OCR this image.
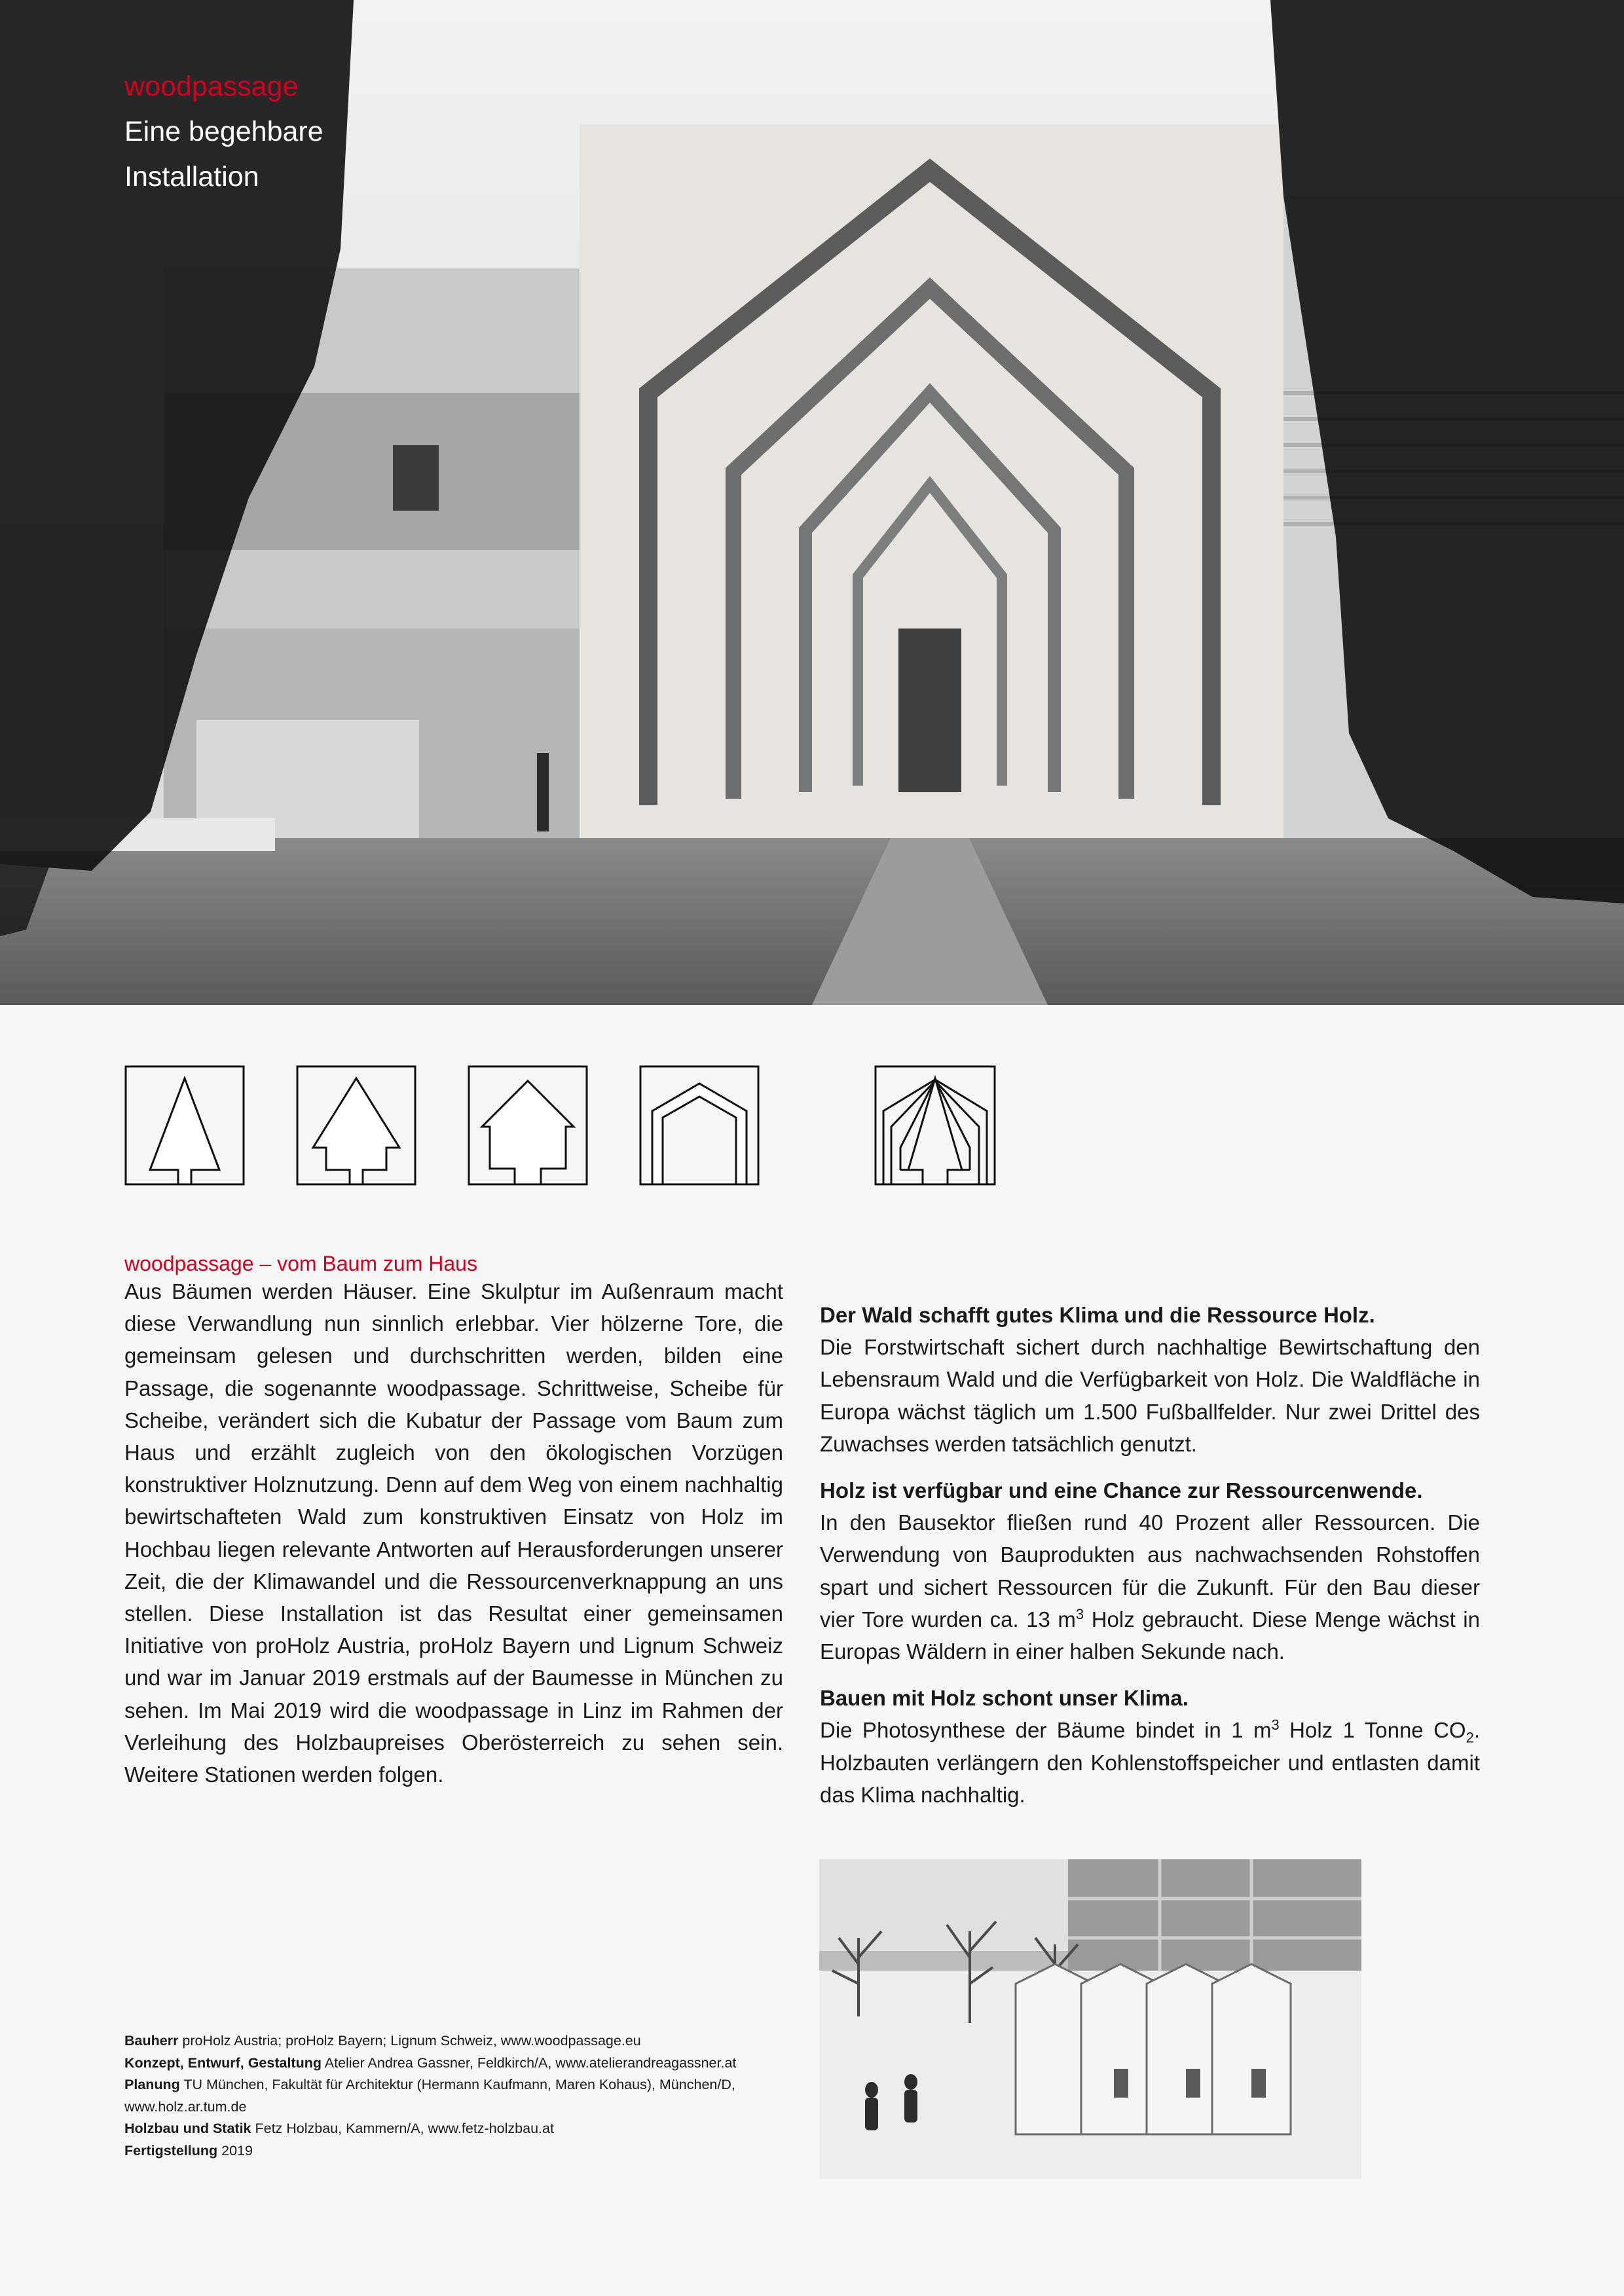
woodpassage
Eine begehbare
Installation
woodpassage – vom Baum zum Haus
Aus Bäumen werden Häuser. Eine Skulptur im Außenraum macht diese Verwandlung nun sinnlich erlebbar. Vier hölzerne Tore, die gemeinsam gelesen und durchschritten werden, bilden eine Passage, die sogenannte woodpassage. Schrittweise, Scheibe für Scheibe, verändert sich die Kubatur der Passage vom Baum zum Haus und erzählt zugleich von den ökologischen Vorzügen konstruktiver Holznutzung. Denn auf dem Weg von einem nachhaltig bewirtschafteten Wald zum konstruktiven Einsatz von Holz im Hochbau liegen relevante Antworten auf Herausforderungen unserer Zeit, die der Klimawandel und die Ressourcenverknappung an uns stellen. Diese Installation ist das Resultat einer gemeinsamen Initiative von proHolz Austria, proHolz Bayern und Lignum Schweiz und war im Januar 2019 erstmals auf der Baumesse in München zu sehen. Im Mai 2019 wird die woodpassage in Linz im Rahmen der Verleihung des Holzbaupreises Oberösterreich zu sehen sein. Weitere Stationen werden folgen.
Der Wald schafft gutes Klima und die Ressource Holz.

Die Forstwirtschaft sichert durch nachhaltige Bewirtschaftung den Lebensraum Wald und die Verfügbarkeit von Holz. Die Waldfläche in Europa wächst täglich um 1.500 Fußballfelder. Nur zwei Drittel des Zuwachses werden tatsächlich genutzt.

Holz ist verfügbar und eine Chance zur Ressourcenwende.

In den Bausektor fließen rund 40 Prozent aller Ressourcen. Die Verwendung von Bauprodukten aus nachwachsenden Rohstoffen spart und sichert Ressourcen für die Zukunft. Für den Bau dieser vier Tore wurden ca. 13 $m^3$ Holz gebraucht. Diese Menge wächst in Europas Wäldern in einer halben Sekunde nach.

Bauen mit Holz schont unser Klima.

Die Photosynthese der Bäume bindet in 1 $m^3$ Holz 1 Tonne $CO_2$. Holzbauten verlängern den Kohlenstoffspeicher und entlasten damit das Klima nachhaltig.

Bauherr proHolz Austria; proHolz Bayern; Lignum Schweiz, www.woodpassage.eu
Konzept, Entwurf, Gestaltung Atelier Andrea Gassner, Feldkirch/A, www.atelierandreagassner.at
Planung TU München, Fakultät für Architektur (Hermann Kaufmann, Maren Kohaus), München/D, www.holz.ar.tum.de
Holzbau und Statik Fetz Holzbau, Kammern/A, www.fetz-holzbau.at
Fertigstellung 2019
